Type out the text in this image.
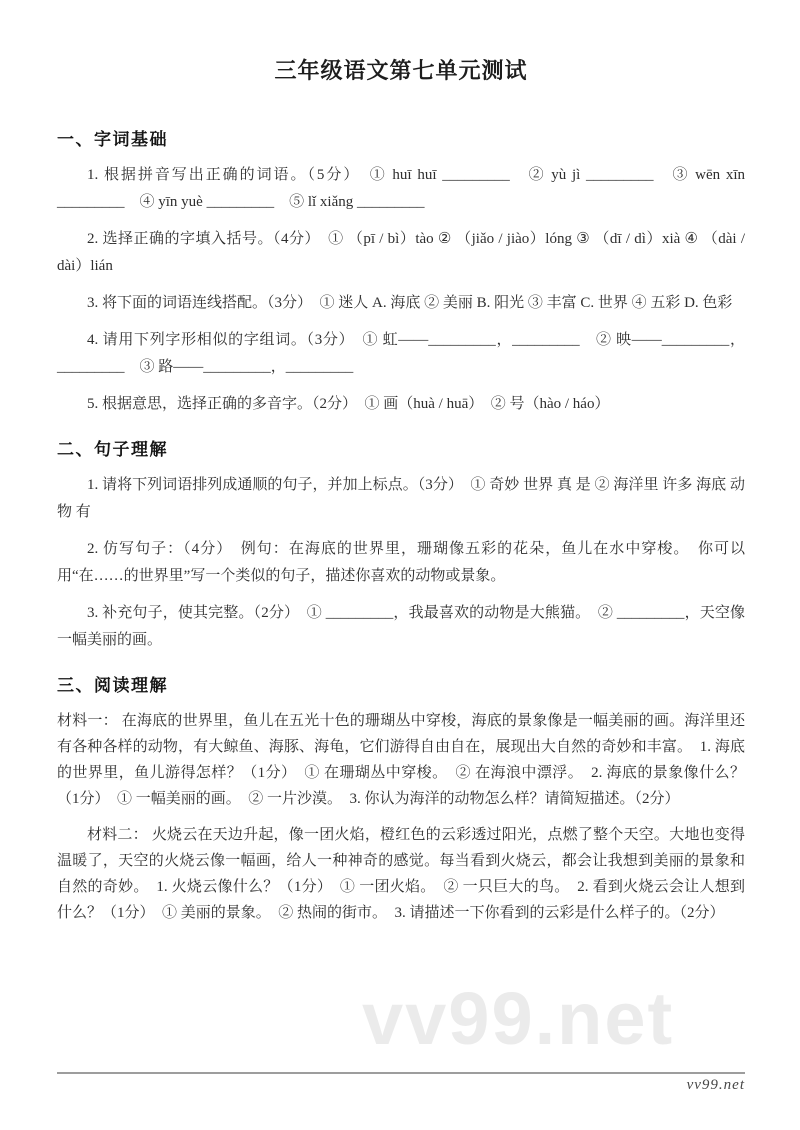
三年级语文第七单元测试
一、字词基础

1. 根据拼音写出正确的词语。（5分）　① huī huī _________　② yù jì _________　③ wēn xīn _________　④ yīn yuè _________　⑤ lǐ xiǎng _________

2. 选择正确的字填入括号。（4分）　① （pī / bì）tào ② （jiǎo / jiào）lóng ③ （dī / dì）xià ④ （dài / dài）lián

3. 将下面的词语连线搭配。（3分）　① 迷人 A. 海底 ② 美丽 B. 阳光 ③ 丰富 C. 世界 ④ 五彩 D. 色彩

4. 请用下列字形相似的字组词。（3分）　① 虹——_________，_________　② 映——_________，_________　③ 路——_________，_________

5. 根据意思，选择正确的多音字。（2分）　① 画（huà / huā）　② 号（hào / háo）

二、句子理解

1. 请将下列词语排列成通顺的句子，并加上标点。（3分）　① 奇妙 世界 真 是 ② 海洋里 许多 海底 动物 有

2. 仿写句子：（4分）　例句：在海底的世界里，珊瑚像五彩的花朵，鱼儿在水中穿梭。　你可以用“在……的世界里”写一个类似的句子，描述你喜欢的动物或景象。

3. 补充句子，使其完整。（2分）　① _________，我最喜欢的动物是大熊猫。　② _________，天空像一幅美丽的画。

三、阅读理解

材料一： 在海底的世界里，鱼儿在五光十色的珊瑚丛中穿梭，海底的景象像是一幅美丽的画。海洋里还有各种各样的动物，有大鲸鱼、海豚、海龟，它们游得自由自在，展现出大自然的奇妙和丰富。　1. 海底的世界里，鱼儿游得怎样？（1分）　① 在珊瑚丛中穿梭。　② 在海浪中漂浮。　2. 海底的景象像什么？（1分）　① 一幅美丽的画。　② 一片沙漠。　3. 你认为海洋的动物怎么样？请简短描述。（2分）

材料二： 火烧云在天边升起，像一团火焰，橙红色的云彩透过阳光，点燃了整个天空。大地也变得温暖了，天空的火烧云像一幅画，给人一种神奇的感觉。每当看到火烧云，都会让我想到美丽的景象和自然的奇妙。　1. 火烧云像什么？（1分）　① 一团火焰。　② 一只巨大的鸟。　2. 看到火烧云会让人想到什么？（1分）　① 美丽的景象。　② 热闹的街市。　3. 请描述一下你看到的云彩是什么样子的。（2分）

vv99.net
vv99.net
